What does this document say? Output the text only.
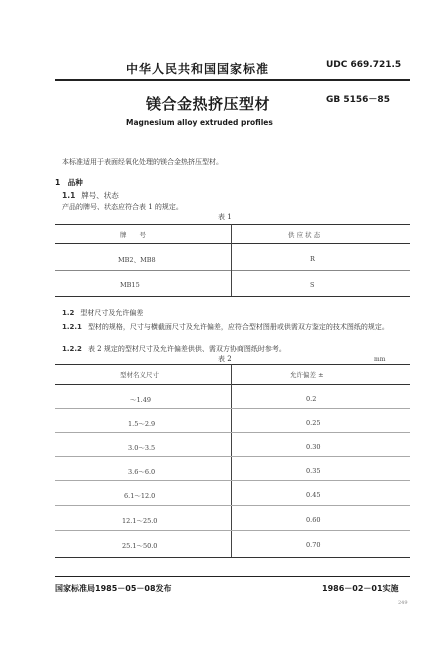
中华人民共和国国家标准	UDC 669.721.5
镁合金热挤压型材	GB 5156－85
Magnesium alloy extruded profiles
本标准适用于表面经氧化处理的镁合金热挤压型材。
1　品种
1.1 牌号、状态
产品的牌号、状态应符合表 1 的规定。
表 1
牌　　号	供 应 状 态
MB2、MB8	R
MB15	S
1.2 型材尺寸及允许偏差
1.2.1 型材的规格，尺寸与横截面尺寸及允许偏差，应符合型材图册或供需双方鉴定的技术图纸的规定。
1.2.2 表 2 规定的型材尺寸及允许偏差供供、需双方协商图纸时参考。
表 2	mm
型材名义尺寸	允许偏差 ±
～1.49	0.2
1.5～2.9	0.25
3.0～3.5	0.30
3.6～6.0	0.35
6.1～12.0	0.45
12.1～25.0	0.60
25.1～50.0	0.70
国家标准局1985－05－08发布	1986－02－01实施
249
